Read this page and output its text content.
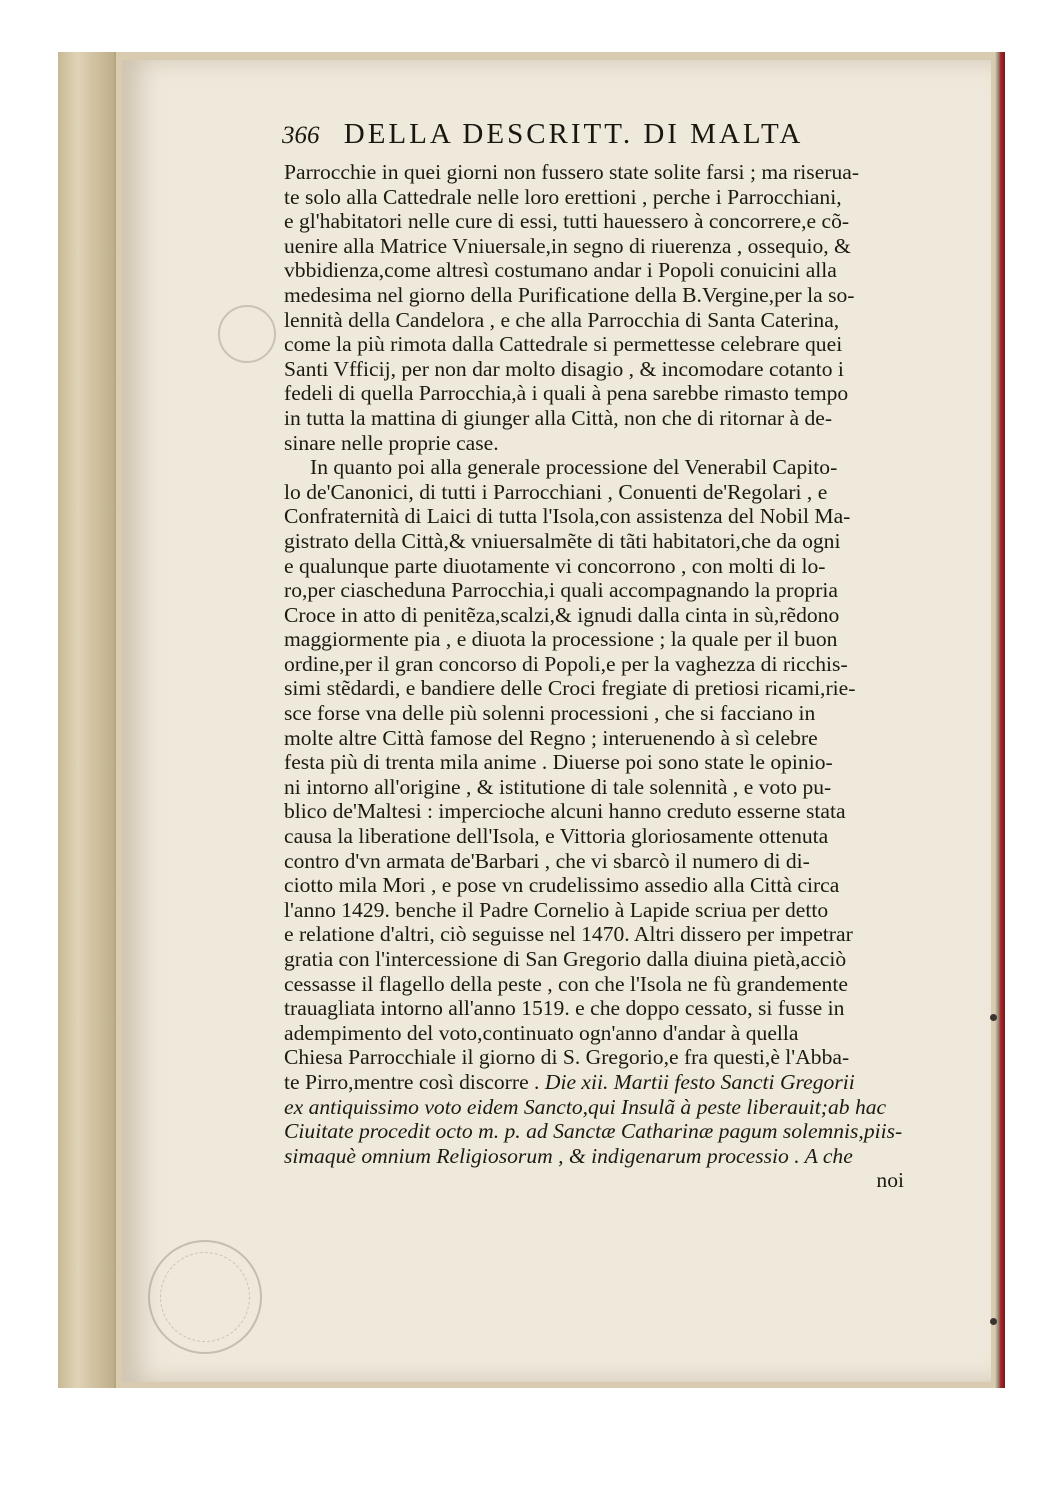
366 DELLA DESCRITT. DI MALTA
Parrocchie in quei giorni non fussero state solite farsi ; ma riserua-
te solo alla Cattedrale nelle loro erettioni , perche i Parrocchiani,
e gl'habitatori nelle cure di essi, tutti hauessero à concorrere,e cõ-
uenire alla Matrice Vniuersale,in segno di riuerenza , ossequio, &
vbbidienza,come altresì costumano andar i Popoli conuicini alla
medesima nel giorno della Purificatione della B.Vergine,per la so-
lennità della Candelora , e che alla Parrocchia di Santa Caterina,
come la più rimota dalla Cattedrale si permettesse celebrare quei
Santi Vfficij, per non dar molto disagio , & incomodare cotanto i
fedeli di quella Parrocchia,à i quali à pena sarebbe rimasto tempo
in tutta la mattina di giunger alla Città, non che di ritornar à de-
sinare nelle proprie case.
In quanto poi alla generale processione del Venerabil Capito-
lo de'Canonici, di tutti i Parrocchiani , Conuenti de'Regolari , e
Confraternità di Laici di tutta l'Isola,con assistenza del Nobil Ma-
gistrato della Città,& vniuersalmẽte di tãti habitatori,che da ogni
e qualunque parte diuotamente vi concorrono , con molti di lo-
ro,per ciascheduna Parrocchia,i quali accompagnando la propria
Croce in atto di penitẽza,scalzi,& ignudi dalla cinta in sù,rẽdono
maggiormente pia , e diuota la processione ; la quale per il buon
ordine,per il gran concorso di Popoli,e per la vaghezza di ricchis-
simi stẽdardi, e bandiere delle Croci fregiate di pretiosi ricami,rie-
sce forse vna delle più solenni processioni , che si facciano in
molte altre Città famose del Regno ; interuenendo à sì celebre
festa più di trenta mila anime . Diuerse poi sono state le opinio-
ni intorno all'origine , & istitutione di tale solennità , e voto pu-
blico de'Maltesi : impercioche alcuni hanno creduto esserne stata
causa la liberatione dell'Isola, e Vittoria gloriosamente ottenuta
contro d'vn armata de'Barbari , che vi sbarcò il numero di di-
ciotto mila Mori , e pose vn crudelissimo assedio alla Città circa
l'anno 1429. benche il Padre Cornelio à Lapide scriua per detto
e relatione d'altri, ciò seguisse nel 1470. Altri dissero per impetrar
gratia con l'intercessione di San Gregorio dalla diuina pietà,acciò
cessasse il flagello della peste , con che l'Isola ne fù grandemente
trauagliata intorno all'anno 1519. e che doppo cessato, si fusse in
adempimento del voto,continuato ogn'anno d'andar à quella
Chiesa Parrocchiale il giorno di S. Gregorio,e fra questi,è l'Abba-
te Pirro,mentre così discorre . Die xii. Martii festo Sancti Gregorii
ex antiquissimo voto eidem Sancto,qui Insulã à peste liberauit;ab hac
Ciuitate procedit octo m. p. ad Sanctæ Catharinæ pagum solemnis,piis-
simaquè omnium Religiosorum , & indigenarum processio . A che
noi
